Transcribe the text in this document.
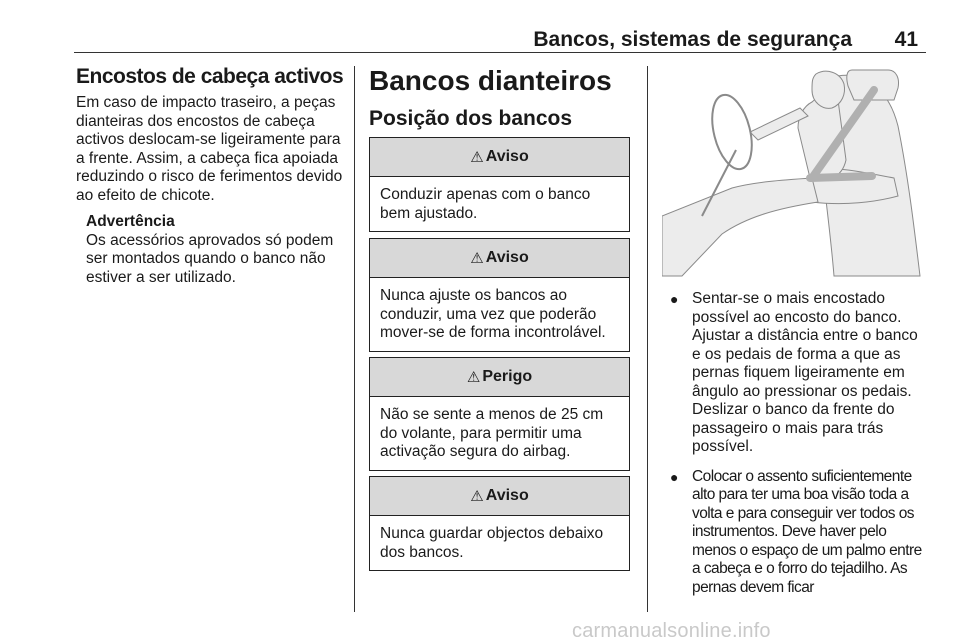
Bancos, sistemas de segurança 41
Encostos de cabeça activos

Em caso de impacto traseiro, a peças dianteiras dos encostos de cabeça activos deslocam-se ligeiramente para a frente. Assim, a cabeça fica apoiada reduzindo o risco de ferimentos devido ao efeito de chicote.

Advertência
Os acessórios aprovados só podem ser montados quando o banco não estiver a ser utilizado.
Bancos dianteiros
Posição dos bancos
⚠ Aviso
Conduzir apenas com o banco bem ajustado.
⚠ Aviso
Nunca ajuste os bancos ao conduzir, uma vez que poderão mover-se de forma incontrolável.
⚠ Perigo
Não se sente a menos de 25 cm do volante, para permitir uma activação segura do airbag.
⚠ Aviso
Nunca guardar objectos debaixo dos bancos.
● Sentar-se o mais encostado possível ao encosto do banco. Ajustar a distância entre o banco e os pedais de forma a que as pernas fiquem ligeiramente em ângulo ao pressionar os pedais. Deslizar o banco da frente do passageiro o mais para trás possível.
● Colocar o assento suficientemente alto para ter uma boa visão toda a volta e para conseguir ver todos os instrumentos. Deve haver pelo menos o espaço de um palmo entre a cabeça e o forro do tejadilho. As pernas devem ficar
carmanualsonline.info
